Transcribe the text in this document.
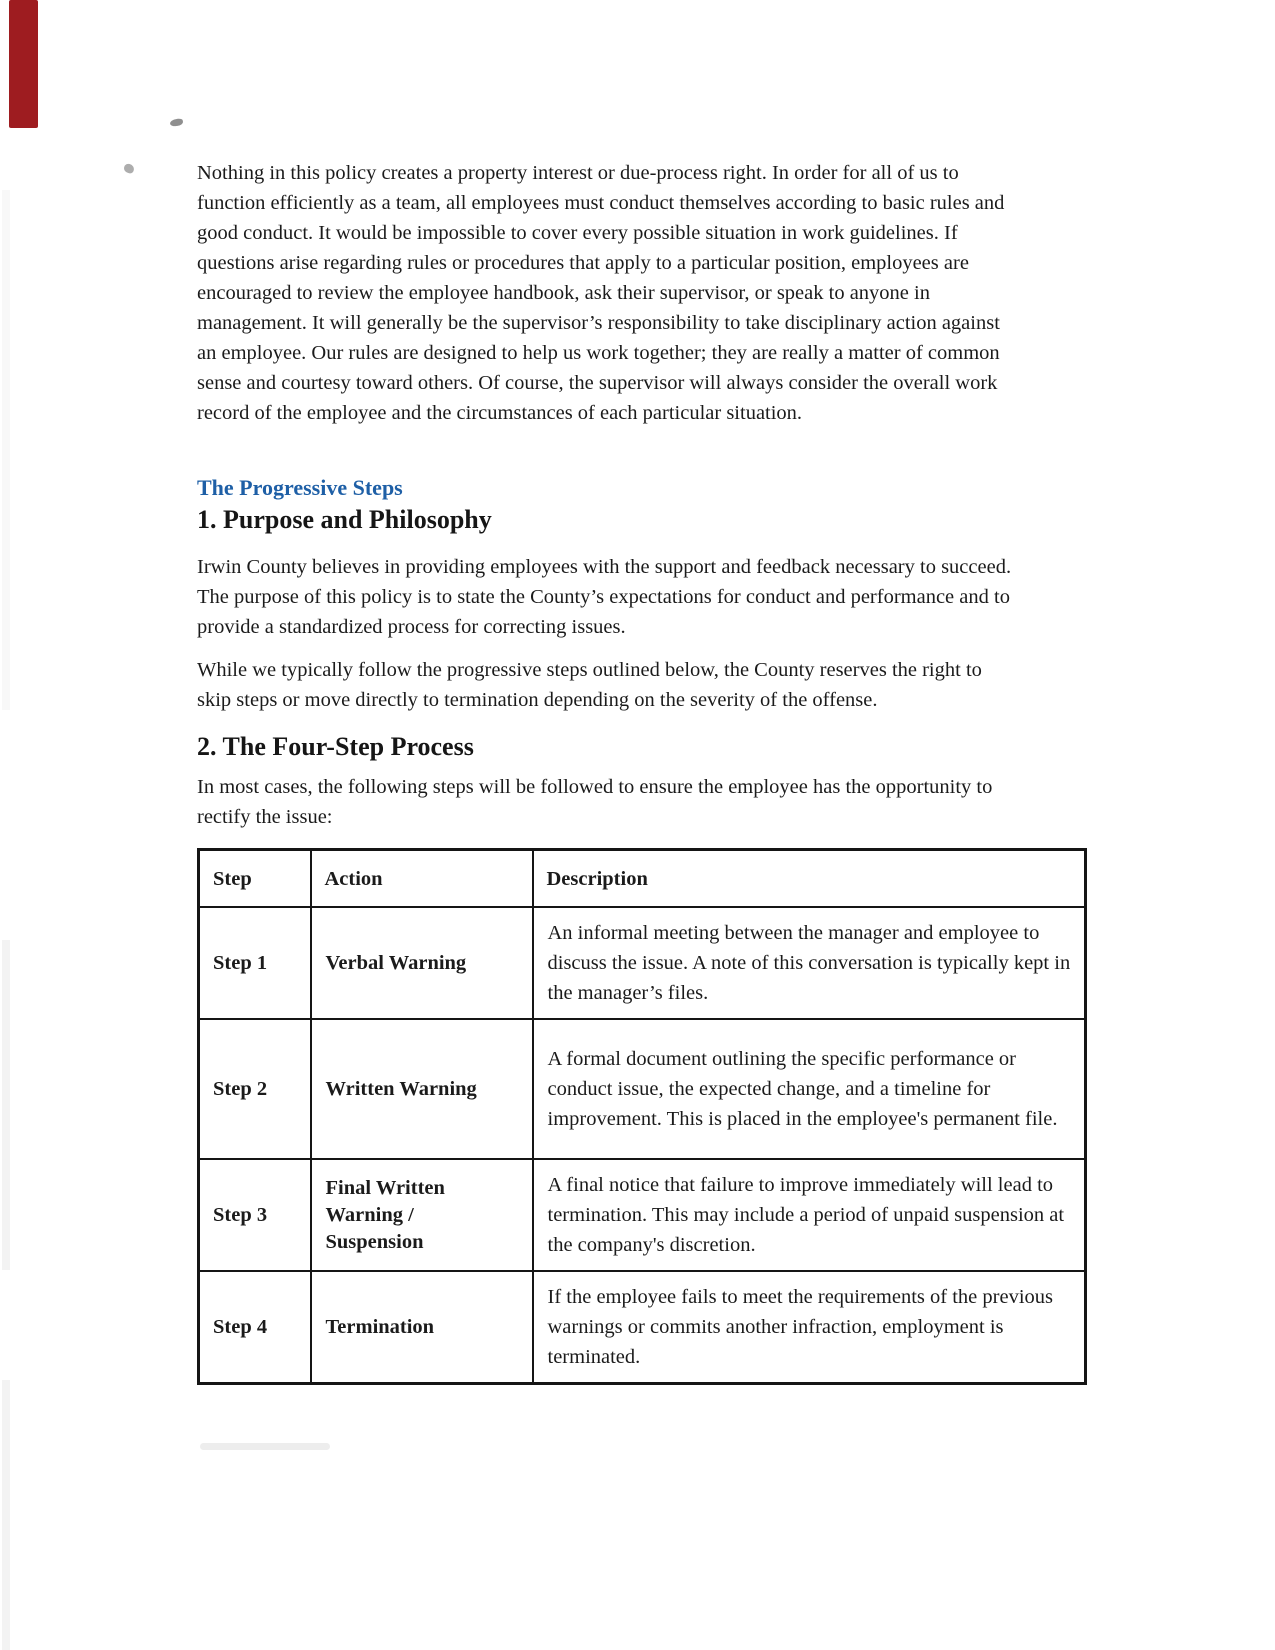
Nothing in this policy creates a property interest or due-process right. In order for all of us to function efficiently as a team, all employees must conduct themselves according to basic rules and good conduct. It would be impossible to cover every possible situation in work guidelines. If questions arise regarding rules or procedures that apply to a particular position, employees are encouraged to review the employee handbook, ask their supervisor, or speak to anyone in management. It will generally be the supervisor’s responsibility to take disciplinary action against an employee. Our rules are designed to help us work together; they are really a matter of common sense and courtesy toward others. Of course, the supervisor will always consider the overall work record of the employee and the circumstances of each particular situation.

The Progressive Steps
1. Purpose and Philosophy

Irwin County believes in providing employees with the support and feedback necessary to succeed. The purpose of this policy is to state the County’s expectations for conduct and performance and to provide a standardized process for correcting issues.

While we typically follow the progressive steps outlined below, the County reserves the right to skip steps or move directly to termination depending on the severity of the offense.

2. The Four-Step Process

In most cases, the following steps will be followed to ensure the employee has the opportunity to rectify the issue:

Step	Action	Description
Step 1	Verbal Warning	An informal meeting between the manager and employee to discuss the issue. A note of this conversation is typically kept in the manager’s files.
Step 2	Written Warning	A formal document outlining the specific performance or conduct issue, the expected change, and a timeline for improvement. This is placed in the employee's permanent file.
Step 3	Final Written Warning / Suspension	A final notice that failure to improve immediately will lead to termination. This may include a period of unpaid suspension at the company's discretion.
Step 4	Termination	If the employee fails to meet the requirements of the previous warnings or commits another infraction, employment is terminated.
